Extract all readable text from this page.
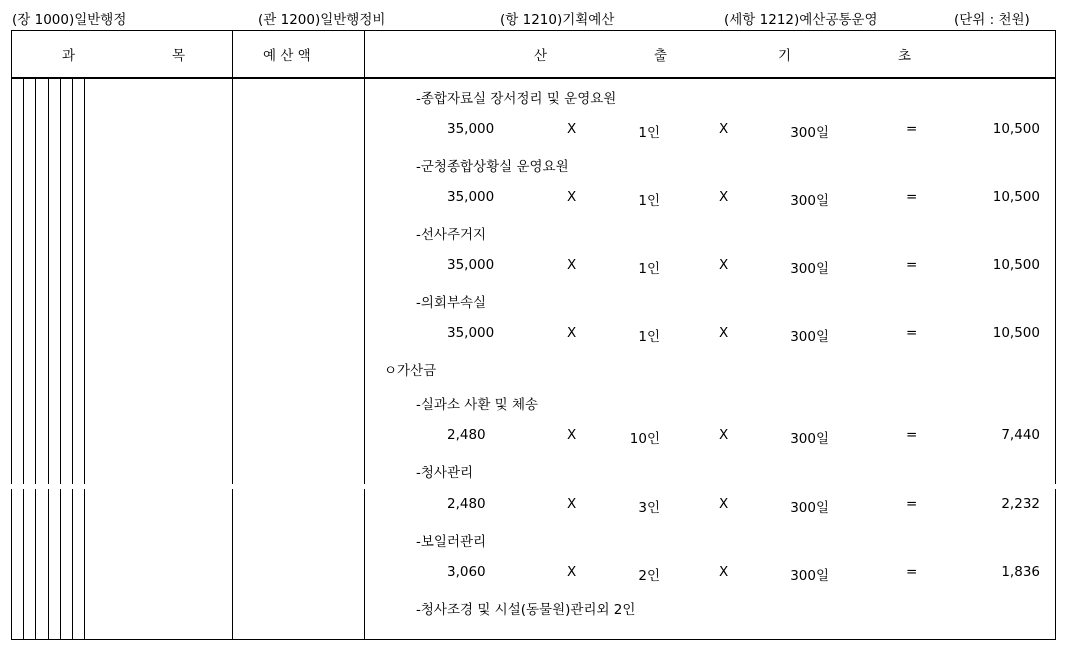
(장 1000)일반행정	(관 1200)일반행정비	(항 1210)기획예산	(세항 1212)예산공통운영	(단위 : 천원)
과	목	예 산 액	산	출	기	초
-종합자료실 장서정리 및 운영요원
35,000	X	1인	X	300일	=	10,500
-군청종합상황실 운영요원
35,000	X	1인	X	300일	=	10,500
-선사주거지
35,000	X	1인	X	300일	=	10,500
-의회부속실
35,000	X	1인	X	300일	=	10,500
ㅇ가산금
-실과소 사환 및 체송
2,480	X	10인	X	300일	=	7,440
-청사관리
2,480	X	3인	X	300일	=	2,232
-보일러관리
3,060	X	2인	X	300일	=	1,836
-청사조경 및 시설(동물원)관리외 2인
